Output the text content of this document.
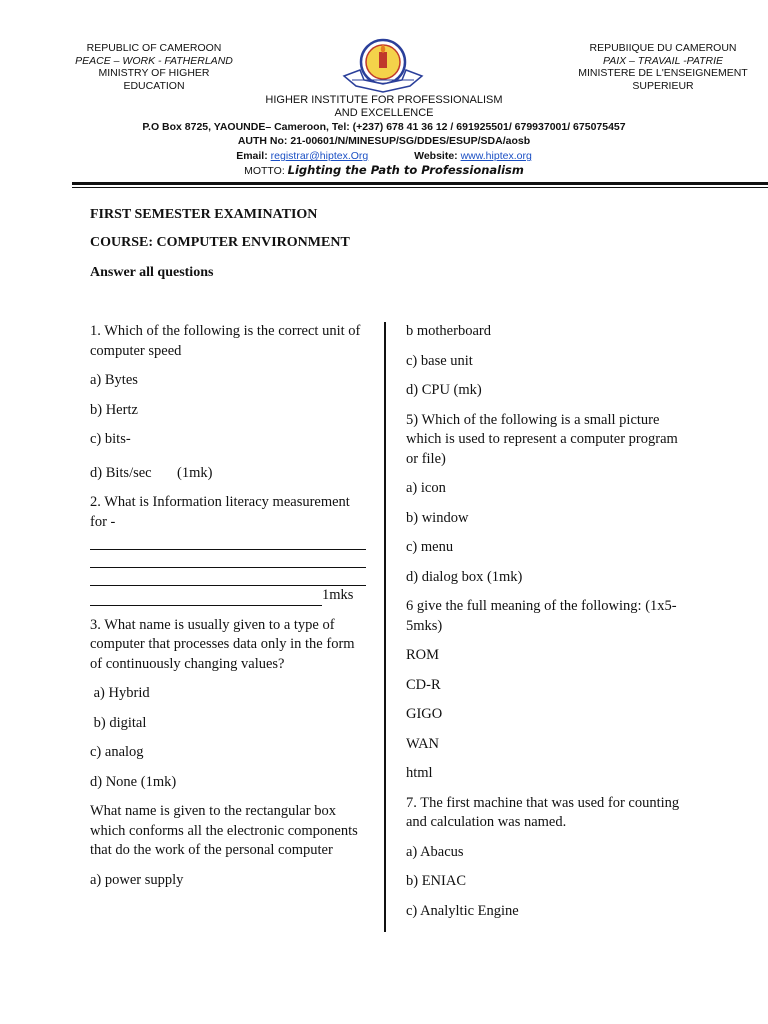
REPUBLIC OF CAMEROON
PEACE – WORK - FATHERLAND
MINISTRY OF HIGHER
EDUCATION
REPUBIIQUE DU CAMEROUN
PAIX – TRAVAIL -PATRIE
MINISTERE DE L'ENSEIGNEMENT
SUPERIEUR
HIGHER INSTITUTE FOR PROFESSIONALISM
AND EXCELLENCE
P.O Box 8725, YAOUNDE– Cameroon, Tel: (+237) 678 41 36 12 / 691925501/ 679937001/ 675075457
AUTH No: 21-00601/N/MINESUP/SG/DDES/ESUP/SDA/aosb
Email: registrar@hiptex.Org	Website: www.hiptex.org
MOTTO: Lighting the Path to Professionalism
FIRST SEMESTER EXAMINATION
COURSE: COMPUTER ENVIRONMENT
Answer all questions

1. Which of the following is the correct unit of computer speed

a) Bytes

b) Hertz

c) bits-

d) Bits/sec       (1mk)

2. What is Information literacy measurement for -

1mks

3. What name is usually given to a type of computer that processes data only in the form of continuously changing values?

a) Hybrid

b) digital

c) analog

d) None (1mk)

What name is given to the rectangular box which conforms all the electronic components that do the work of the personal computer

a) power supply

b motherboard

c) base unit

d) CPU (mk)

5) Which of the following is a small picture which is used to represent a computer program or file)

a) icon

b) window

c) menu

d) dialog box (1mk)

6 give the full meaning of the following: (1x5-5mks)

ROM

CD-R

GIGO

WAN

html

7. The first machine that was used for counting and calculation was named.

a) Abacus

b) ENIAC

c) Analyltic Engine
